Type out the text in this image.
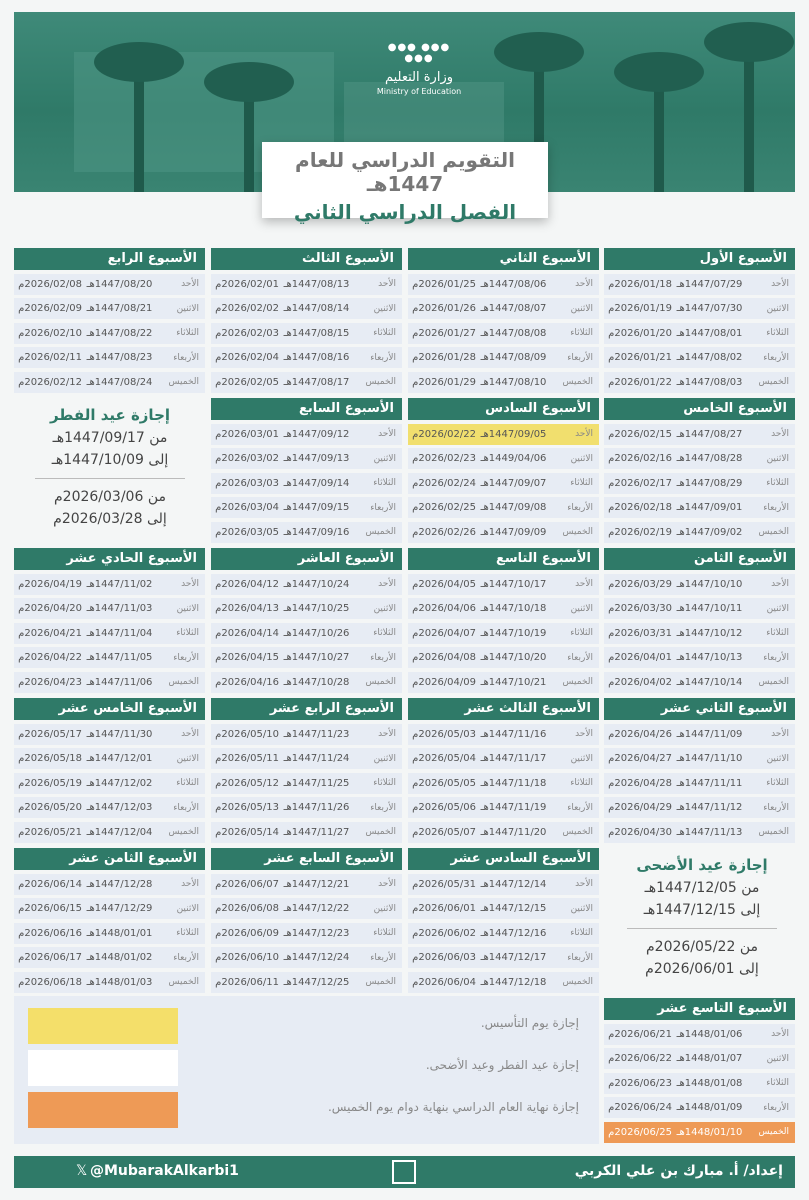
●●● ●●● ●●●
وزارة التعليم
Ministry of Education
التقويم الدراسي للعام 1447هـ
الفصل الدراسي الثاني
الأسبوع الأول
الأحد
1447/07/29هـ
2026/01/18م
الاثنين
1447/07/30هـ
2026/01/19م
الثلاثاء
1447/08/01هـ
2026/01/20م
الأربعاء
1447/08/02هـ
2026/01/21م
الخميس
1447/08/03هـ
2026/01/22م
الأسبوع الثاني
الأحد
1447/08/06هـ
2026/01/25م
الاثنين
1447/08/07هـ
2026/01/26م
الثلاثاء
1447/08/08هـ
2026/01/27م
الأربعاء
1447/08/09هـ
2026/01/28م
الخميس
1447/08/10هـ
2026/01/29م
الأسبوع الثالث
الأحد
1447/08/13هـ
2026/02/01م
الاثنين
1447/08/14هـ
2026/02/02م
الثلاثاء
1447/08/15هـ
2026/02/03م
الأربعاء
1447/08/16هـ
2026/02/04م
الخميس
1447/08/17هـ
2026/02/05م
الأسبوع الرابع
الأحد
1447/08/20هـ
2026/02/08م
الاثنين
1447/08/21هـ
2026/02/09م
الثلاثاء
1447/08/22هـ
2026/02/10م
الأربعاء
1447/08/23هـ
2026/02/11م
الخميس
1447/08/24هـ
2026/02/12م
الأسبوع الخامس
الأحد
1447/08/27هـ
2026/02/15م
الاثنين
1447/08/28هـ
2026/02/16م
الثلاثاء
1447/08/29هـ
2026/02/17م
الأربعاء
1447/09/01هـ
2026/02/18م
الخميس
1447/09/02هـ
2026/02/19م
الأسبوع السادس
الأحد
1447/09/05هـ
2026/02/22م
الاثنين
1449/04/06هـ
2026/02/23م
الثلاثاء
1447/09/07هـ
2026/02/24م
الأربعاء
1447/09/08هـ
2026/02/25م
الخميس
1447/09/09هـ
2026/02/26م
الأسبوع السابع
الأحد
1447/09/12هـ
2026/03/01م
الاثنين
1447/09/13هـ
2026/03/02م
الثلاثاء
1447/09/14هـ
2026/03/03م
الأربعاء
1447/09/15هـ
2026/03/04م
الخميس
1447/09/16هـ
2026/03/05م
الأسبوع الثامن
الأحد
1447/10/10هـ
2026/03/29م
الاثنين
1447/10/11هـ
2026/03/30م
الثلاثاء
1447/10/12هـ
2026/03/31م
الأربعاء
1447/10/13هـ
2026/04/01م
الخميس
1447/10/14هـ
2026/04/02م
الأسبوع التاسع
الأحد
1447/10/17هـ
2026/04/05م
الاثنين
1447/10/18هـ
2026/04/06م
الثلاثاء
1447/10/19هـ
2026/04/07م
الأربعاء
1447/10/20هـ
2026/04/08م
الخميس
1447/10/21هـ
2026/04/09م
الأسبوع العاشر
الأحد
1447/10/24هـ
2026/04/12م
الاثنين
1447/10/25هـ
2026/04/13م
الثلاثاء
1447/10/26هـ
2026/04/14م
الأربعاء
1447/10/27هـ
2026/04/15م
الخميس
1447/10/28هـ
2026/04/16م
الأسبوع الحادي عشر
الأحد
1447/11/02هـ
2026/04/19م
الاثنين
1447/11/03هـ
2026/04/20م
الثلاثاء
1447/11/04هـ
2026/04/21م
الأربعاء
1447/11/05هـ
2026/04/22م
الخميس
1447/11/06هـ
2026/04/23م
الأسبوع الثاني عشر
الأحد
1447/11/09هـ
2026/04/26م
الاثنين
1447/11/10هـ
2026/04/27م
الثلاثاء
1447/11/11هـ
2026/04/28م
الأربعاء
1447/11/12هـ
2026/04/29م
الخميس
1447/11/13هـ
2026/04/30م
الأسبوع الثالث عشر
الأحد
1447/11/16هـ
2026/05/03م
الاثنين
1447/11/17هـ
2026/05/04م
الثلاثاء
1447/11/18هـ
2026/05/05م
الأربعاء
1447/11/19هـ
2026/05/06م
الخميس
1447/11/20هـ
2026/05/07م
الأسبوع الرابع عشر
الأحد
1447/11/23هـ
2026/05/10م
الاثنين
1447/11/24هـ
2026/05/11م
الثلاثاء
1447/11/25هـ
2026/05/12م
الأربعاء
1447/11/26هـ
2026/05/13م
الخميس
1447/11/27هـ
2026/05/14م
الأسبوع الخامس عشر
الأحد
1447/11/30هـ
2026/05/17م
الاثنين
1447/12/01هـ
2026/05/18م
الثلاثاء
1447/12/02هـ
2026/05/19م
الأربعاء
1447/12/03هـ
2026/05/20م
الخميس
1447/12/04هـ
2026/05/21م
الأسبوع السادس عشر
الأحد
1447/12/14هـ
2026/05/31م
الاثنين
1447/12/15هـ
2026/06/01م
الثلاثاء
1447/12/16هـ
2026/06/02م
الأربعاء
1447/12/17هـ
2026/06/03م
الخميس
1447/12/18هـ
2026/06/04م
الأسبوع السابع عشر
الأحد
1447/12/21هـ
2026/06/07م
الاثنين
1447/12/22هـ
2026/06/08م
الثلاثاء
1447/12/23هـ
2026/06/09م
الأربعاء
1447/12/24هـ
2026/06/10م
الخميس
1447/12/25هـ
2026/06/11م
الأسبوع الثامن عشر
الأحد
1447/12/28هـ
2026/06/14م
الاثنين
1447/12/29هـ
2026/06/15م
الثلاثاء
1448/01/01هـ
2026/06/16م
الأربعاء
1448/01/02هـ
2026/06/17م
الخميس
1448/01/03هـ
2026/06/18م
الأسبوع التاسع عشر
الأحد
1448/01/06هـ
2026/06/21م
الاثنين
1448/01/07هـ
2026/06/22م
الثلاثاء
1448/01/08هـ
2026/06/23م
الأربعاء
1448/01/09هـ
2026/06/24م
الخميس
1448/01/10هـ
2026/06/25م
إجازة عيد الفطر
من 1447/09/17هـ
إلى 1447/10/09هـ
من 2026/03/06م
إلى 2026/03/28م
إجازة عيد الأضحى
من 1447/12/05هـ
إلى 1447/12/15هـ
من 2026/05/22م
إلى 2026/06/01م
إجازة يوم التأسيس.
إجازة عيد الفطر وعيد الأضحى.
إجازة نهاية العام الدراسي بنهاية دوام يوم الخميس.
𝕏 @MubarakAlkarbi1	إعداد/ أ. مبارك بن علي الكربي
